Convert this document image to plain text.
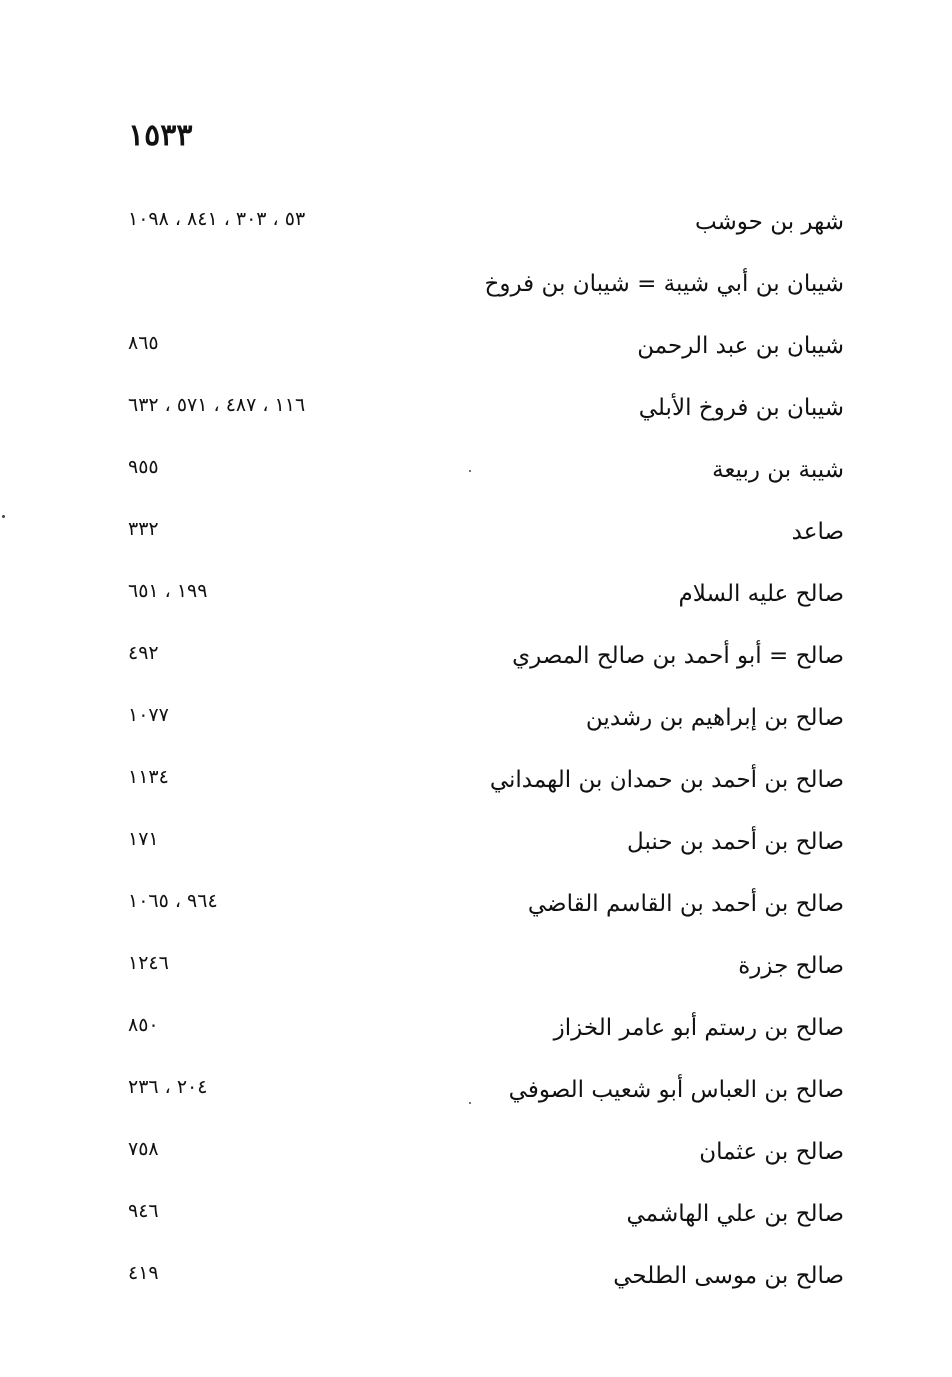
١٥٣٣
شهر بن حوشب
٥٣ ، ٣٠٣ ، ٨٤١ ، ١٠٩٨
شيبان بن أبي شيبة = شيبان بن فروخ
شيبان بن عبد الرحمن
٨٦٥
شيبان بن فروخ الأبلي
١١٦ ، ٤٨٧ ، ٥٧١ ، ٦٣٢
شيبة بن ربيعة
٩٥٥
صاعد
٣٣٢
صالح عليه السلام
١٩٩ ، ٦٥١
صالح = أبو أحمد بن صالح المصري
٤٩٢
صالح بن إبراهيم بن رشدين
١٠٧٧
صالح بن أحمد بن حمدان بن الهمداني
١١٣٤
صالح بن أحمد بن حنبل
١٧١
صالح بن أحمد بن القاسم القاضي
٩٦٤ ، ١٠٦٥
صالح جزرة
١٢٤٦
صالح بن رستم أبو عامر الخزاز
٨٥٠
صالح بن العباس أبو شعيب الصوفي
٢٠٤ ، ٢٣٦
صالح بن عثمان
٧٥٨
صالح بن علي الهاشمي
٩٤٦
صالح بن موسى الطلحي
٤١٩
